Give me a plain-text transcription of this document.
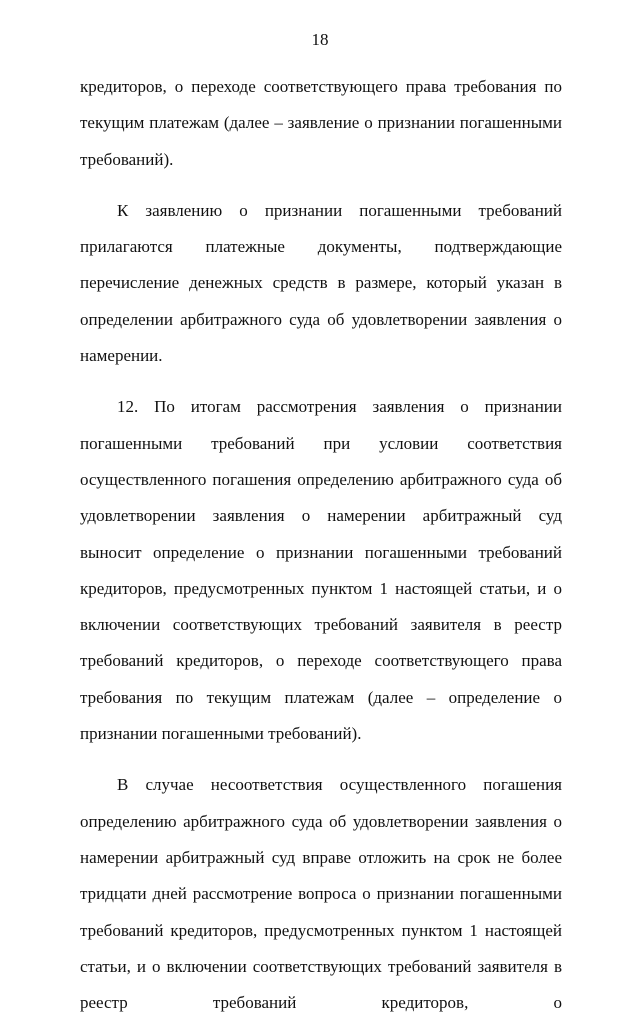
18

кредиторов, о переходе соответствующего права требования по текущим платежам (далее – заявление о признании погашенными требований).

К заявлению о признании погашенными требований прилагаются платежные документы, подтверждающие перечисление денежных средств в размере, который указан в определении арбитражного суда об удовлетворении заявления о намерении.

12. По итогам рассмотрения заявления о признании погашенными требований при условии соответствия осуществленного погашения определению арбитражного суда об удовлетворении заявления о намерении арбитражный суд выносит определение о признании погашенными требований кредиторов, предусмотренных пунктом 1 настоящей статьи, и о включении соответствующих требований заявителя в реестр требований кредиторов, о переходе соответствующего права требования по текущим платежам (далее – определение о признании погашенными требований).

В случае несоответствия осуществленного погашения определению арбитражного суда об удовлетворении заявления о намерении арбитражный суд вправе отложить на срок не более тридцати дней рассмотрение вопроса о признании погашенными требований кредиторов, предусмотренных пунктом 1 настоящей статьи, и о включении соответствующих требований заявителя в реестр требований кредиторов, о
